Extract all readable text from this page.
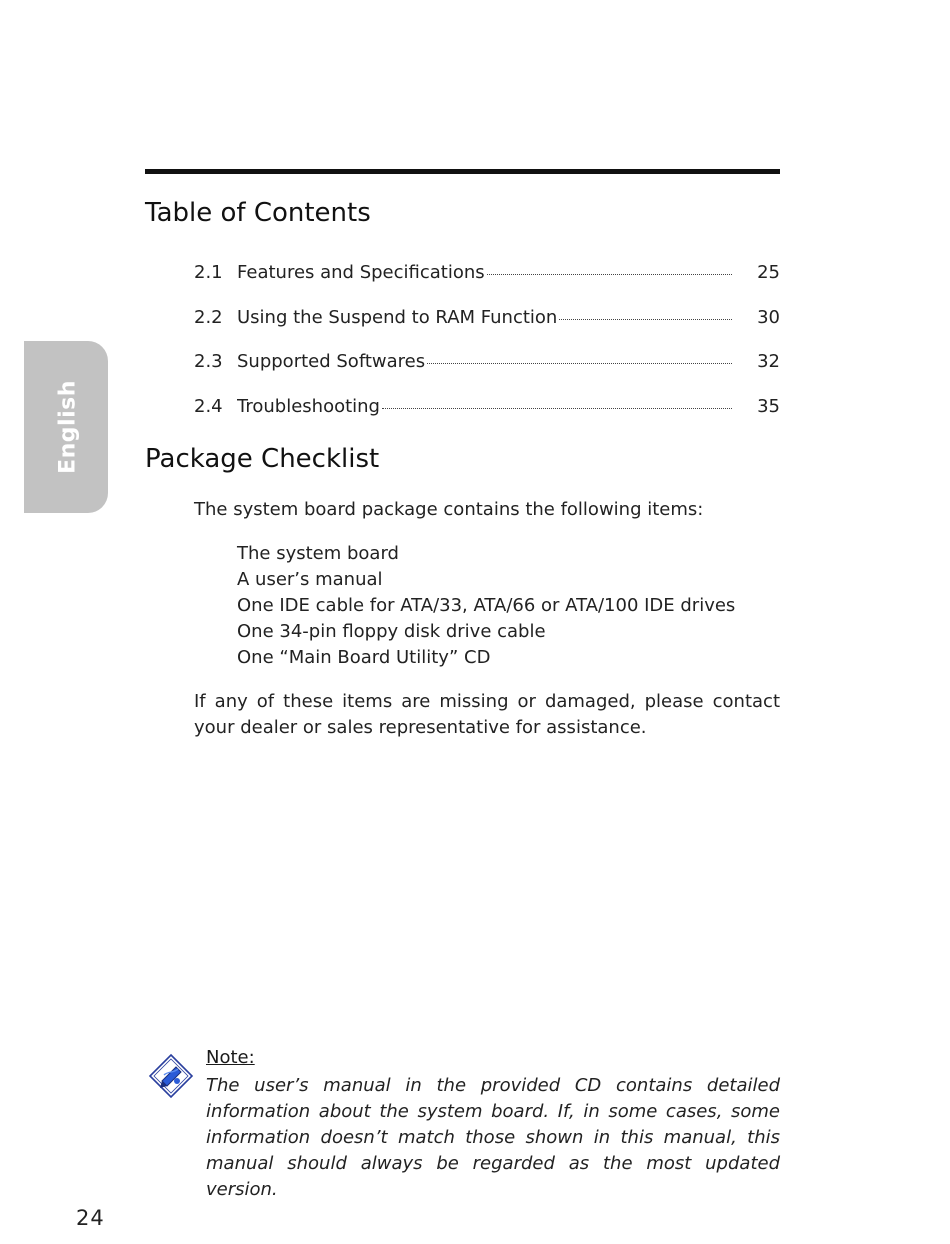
English
Table of Contents
2.1 Features and Specifications	25
2.2 Using the Suspend to RAM Function	30
2.3 Supported Softwares	32
2.4 Troubleshooting	35
Package Checklist

The system board package contains the following items:

The system board
A user’s manual
One IDE cable for ATA/33, ATA/66 or ATA/100 IDE drives
One 34-pin floppy disk drive cable
One “Main Board Utility” CD

If any of these items are missing or damaged, please contact your dealer or sales representative for assistance.

Note:

The user’s manual in the provided CD contains detailed information about the system board. If, in some cases, some information doesn’t match those shown in this manual, this manual should always be regarded as the most updated version.

24
